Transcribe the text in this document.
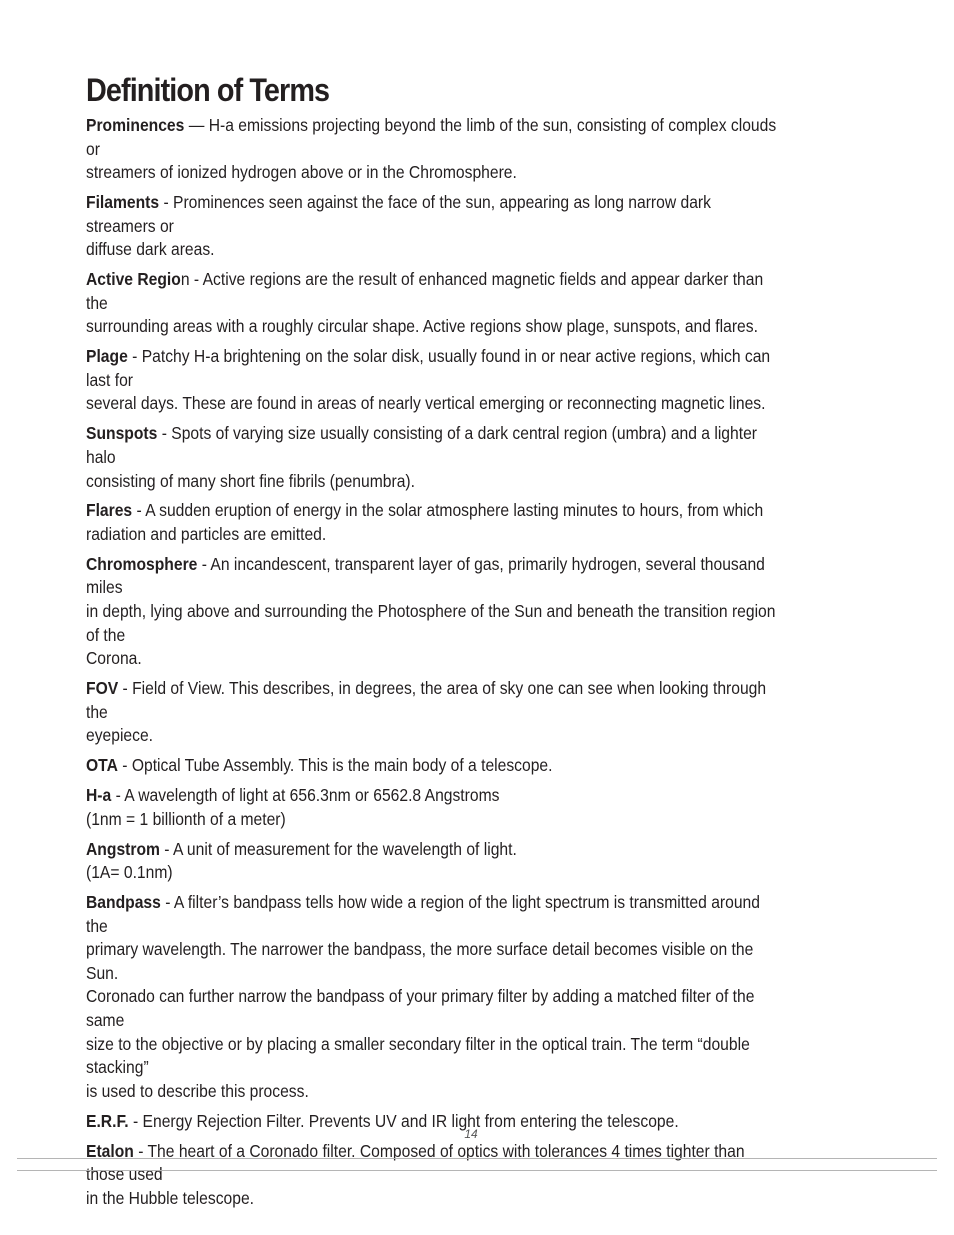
Definition of Terms

Prominences — H-a emissions projecting beyond the limb of the sun, consisting of complex clouds or
streamers of ionized hydrogen above or in the Chromosphere.

Filaments - Prominences seen against the face of the sun, appearing as long narrow dark streamers or
diffuse dark areas.

Active Region - Active regions are the result of enhanced magnetic fields and appear darker than the
surrounding areas with a roughly circular shape. Active regions show plage, sunspots, and flares.

Plage - Patchy H-a brightening on the solar disk, usually found in or near active regions, which can last for
several days. These are found in areas of nearly vertical emerging or reconnecting magnetic lines.

Sunspots - Spots of varying size usually consisting of a dark central region (umbra) and a lighter halo
consisting of many short fine fibrils (penumbra).

Flares - A sudden eruption of energy in the solar atmosphere lasting minutes to hours, from which
radiation and particles are emitted.

Chromosphere - An incandescent, transparent layer of gas, primarily hydrogen, several thousand miles
in depth, lying above and surrounding the Photosphere of the Sun and beneath the transition region of the
Corona.

FOV - Field of View. This describes, in degrees, the area of sky one can see when looking through the
eyepiece.

OTA - Optical Tube Assembly. This is the main body of a telescope.

H-a - A wavelength of light at 656.3nm or 6562.8 Angstroms
(1nm = 1 billionth of a meter)

Angstrom - A unit of measurement for the wavelength of light.
(1A= 0.1nm)

Bandpass - A filter’s bandpass tells how wide a region of the light spectrum is transmitted around the
primary wavelength. The narrower the bandpass, the more surface detail becomes visible on the Sun.
Coronado can further narrow the bandpass of your primary filter by adding a matched filter of the same
size to the objective or by placing a smaller secondary filter in the optical train. The term “double stacking”
is used to describe this process.

E.R.F. - Energy Rejection Filter. Prevents UV and IR light from entering the telescope.

Etalon - The heart of a Coronado filter. Composed of optics with tolerances 4 times tighter than those used
in the Hubble telescope.

14
